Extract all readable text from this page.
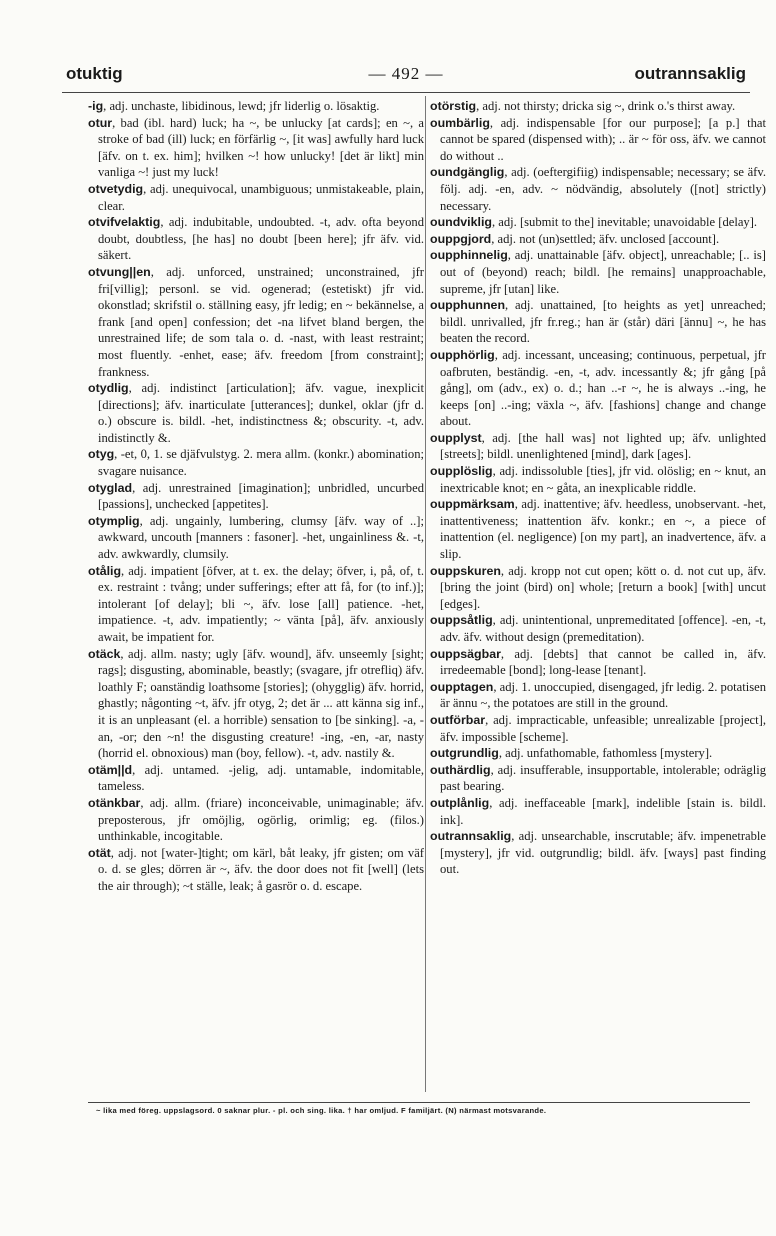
otuktig	— 492 —	outrannsaklig

-ig, adj. unchaste, libidinous, lewd; jfr liderlig o. lösaktig.

otur, bad (ibl. hard) luck; ha ~, be unlucky [at cards]; en ~, a stroke of bad (ill) luck; en förfärlig ~, [it was] awfully hard luck [äfv. on t. ex. him]; hvilken ~! how unlucky! [det är likt] min vanliga ~! just my luck!

otvetydig, adj. unequivocal, unambiguous; unmistakeable, plain, clear.

otvifvelaktig, adj. indubitable, undoubted. -t, adv. ofta beyond doubt, doubtless, [he has] no doubt [been here]; jfr äfv. vid. säkert.

otvung||en, adj. unforced, unstrained; unconstrained, jfr fri[villig]; personl. se vid. ogenerad; (estetiskt) jfr vid. okonstlad; skrifstil o. ställning easy, jfr ledig; en ~ bekännelse, a frank [and open] confession; det -na lifvet bland bergen, the unrestrained life; de som tala o. d. -nast, with least restraint; most fluently. -enhet, ease; äfv. freedom [from constraint]; frankness.

otydlig, adj. indistinct [articulation]; äfv. vague, inexplicit [directions]; äfv. inarticulate [utterances]; dunkel, oklar (jfr d. o.) obscure is. bildl. -het, indistinctness &; obscurity. -t, adv. indistinctly &.

otyg, -et, 0, 1. se djäfvulstyg. 2. mera allm. (konkr.) abomination; svagare nuisance.

otyglad, adj. unrestrained [imagination]; unbridled, uncurbed [passions], unchecked [appetites].

otymplig, adj. ungainly, lumbering, clumsy [äfv. way of ..]; awkward, uncouth [manners : fasoner]. -het, ungainliness &. -t, adv. awkwardly, clumsily.

otålig, adj. impatient [öfver, at t. ex. the delay; öfver, i, på, of, t. ex. restraint : tvång; under sufferings; efter att få, for (to inf.)]; intolerant [of delay]; bli ~, äfv. lose [all] patience. -het, impatience. -t, adv. impatiently; ~ vänta [på], äfv. anxiously await, be impatient for.

otäck, adj. allm. nasty; ugly [äfv. wound], äfv. unseemly [sight; rags]; disgusting, abominable, beastly; (svagare, jfr otrefliq) äfv. loathly F; oanständig loathsome [stories]; (ohygglig) äfv. horrid, ghastly; någonting ~t, äfv. jfr otyg, 2; det är ... att känna sig inf., it is an unpleasant (el. a horrible) sensation to [be sinking]. -a, -an, -or; den ~n! the disgusting creature! -ing, -en, -ar, nasty (horrid el. obnoxious) man (boy, fellow). -t, adv. nastily &.

otäm||d, adj. untamed. -jelig, adj. untamable, indomitable, tameless.

otänkbar, adj. allm. (friare) inconceivable, unimaginable; äfv. preposterous, jfr omöjlig, ogörlig, orimlig; eg. (filos.) unthinkable, incogitable.

otät, adj. not [water-]tight; om kärl, båt leaky, jfr gisten; om väf o. d. se gles; dörren är ~, äfv. the door does not fit [well] (lets the air through); ~t ställe, leak; å gasrör o. d. escape.

otörstig, adj. not thirsty; dricka sig ~, drink o.'s thirst away.

oumbärlig, adj. indispensable [for our purpose]; [a p.] that cannot be spared (dispensed with); .. är ~ för oss, äfv. we cannot do without ..

oundgänglig, adj. (oeftergifiig) indispensable; necessary; se äfv. följ. adj. -en, adv. ~ nödvändig, absolutely ([not] strictly) necessary.

oundviklig, adj. [submit to the] inevitable; unavoidable [delay].

ouppgjord, adj. not (un)settled; äfv. unclosed [account].

oupphinnelig, adj. unattainable [äfv. object], unreachable; [.. is] out of (beyond) reach; bildl. [he remains] unapproachable, supreme, jfr [utan] like.

oupphunnen, adj. unattained, [to heights as yet] unreached; bildl. unrivalled, jfr fr.reg.; han är (står) däri [ännu] ~, he has beaten the record.

oupphörlig, adj. incessant, unceasing; continuous, perpetual, jfr oafbruten, beständig. -en, -t, adv. incessantly &; jfr gång [på gång], om (adv., ex) o. d.; han ..-r ~, he is always ..-ing, he keeps [on] ..-ing; växla ~, äfv. [fashions] change and change about.

oupplyst, adj. [the hall was] not lighted up; äfv. unlighted [streets]; bildl. unenlightened [mind], dark [ages].

oupplöslig, adj. indissoluble [ties], jfr vid. olöslig; en ~ knut, an inextricable knot; en ~ gåta, an inexplicable riddle.

ouppmärksam, adj. inattentive; äfv. heedless, unobservant. -het, inattentiveness; inattention äfv. konkr.; en ~, a piece of inattention (el. negligence) [on my part], an inadvertence, äfv. a slip.

ouppskuren, adj. kropp not cut open; kött o. d. not cut up, äfv. [bring the joint (bird) on] whole; [return a book] [with] uncut [edges].

ouppsåtlig, adj. unintentional, unpremeditated [offence]. -en, -t, adv. äfv. without design (premeditation).

ouppsägbar, adj. [debts] that cannot be called in, äfv. irredeemable [bond]; long-lease [tenant].

oupptagen, adj. 1. unoccupied, disengaged, jfr ledig. 2. potatisen är ännu ~, the potatoes are still in the ground.

outförbar, adj. impracticable, unfeasible; unrealizable [project], äfv. impossible [scheme].

outgrundlig, adj. unfathomable, fathomless [mystery].

outhärdlig, adj. insufferable, insupportable, intolerable; odräglig past bearing.

outplånlig, adj. ineffaceable [mark], indelible [stain is. bildl. ink].

outrannsaklig, adj. unsearchable, inscrutable; äfv. impenetrable [mystery], jfr vid. outgrundlig; bildl. äfv. [ways] past finding out.

~ lika med föreg. uppslagsord. 0 saknar plur. - pl. och sing. lika. † har omljud. F familjärt. (N) närmast motsvarande.
